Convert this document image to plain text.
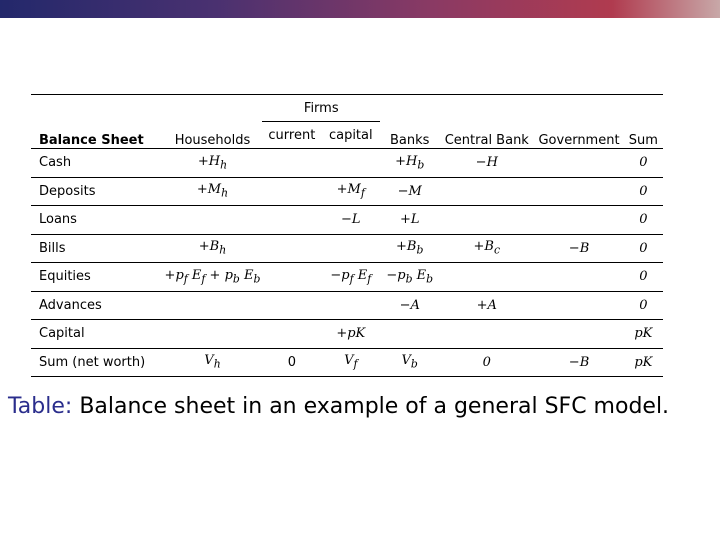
Balance Sheet	Households	Firms		Banks	Central Bank	Government	Sum
		current	capital				
Cash	$+H_h$			$+H_b$	−H		0
Deposits	$+M_h$		$+M_f$	−M			0
Loans			−L	+L			0
Bills	$+B_h$			$+B_b$	$+B_c$	−B	0
Equities	$+p_f$ $E_f + p_b$ $E_b$		$-p_f$ $E_f$	$-p_b$ $E_b$			0
Advances				−A	+A		0
Capital			+pK				pK
Sum (net worth)	$V_h$	0	$V_f$	$V_b$	0	−B	pK
Table: Balance sheet in an example of a general SFC model.
